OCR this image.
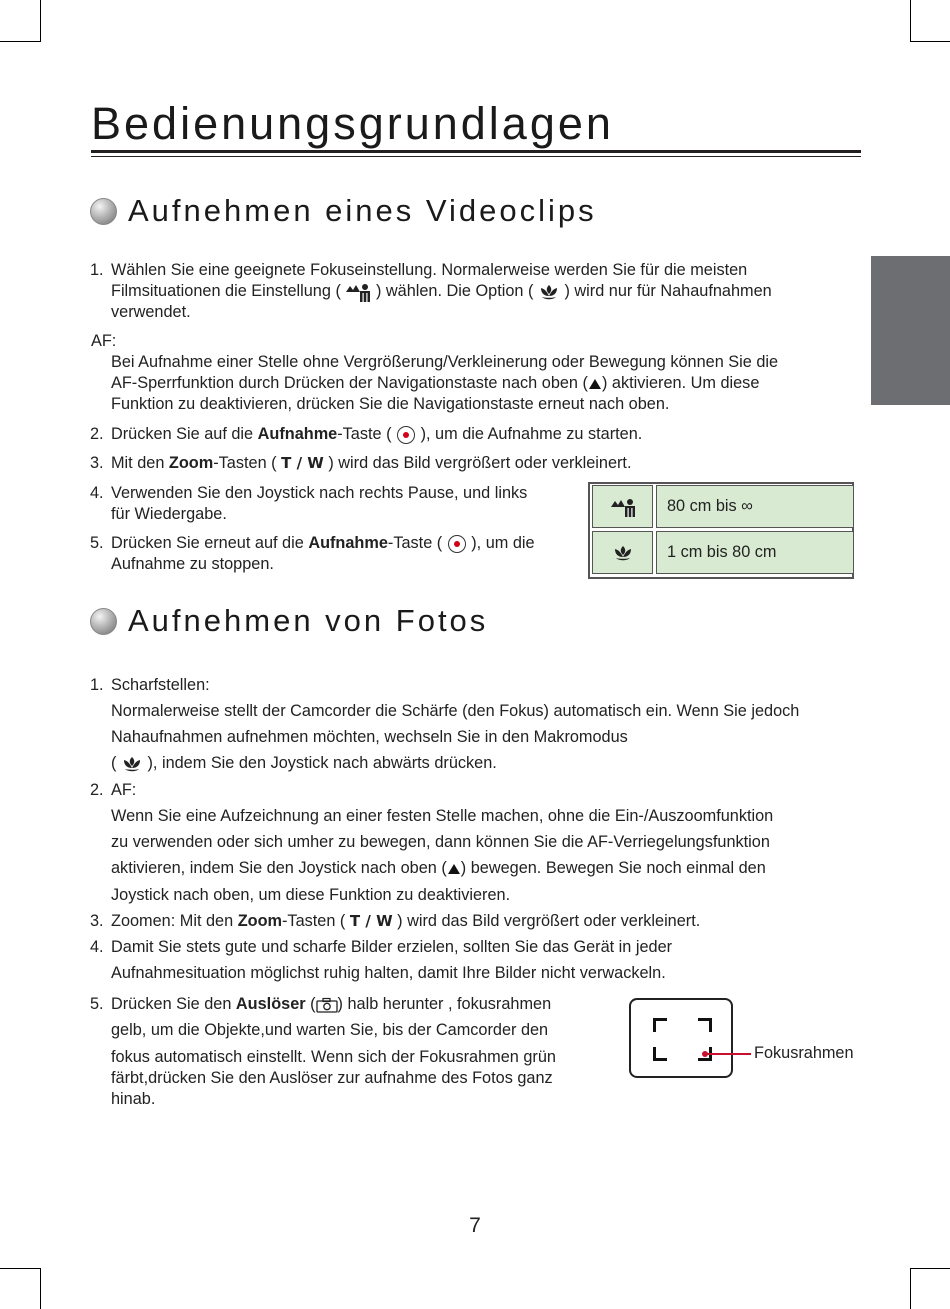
Bedienungsgrundlagen
Aufnehmen eines Videoclips
1. Wählen Sie eine geeignete Fokuseinstellung. Normalerweise werden Sie für die meisten
Filmsituationen die Einstellung ( ) wählen. Die Option ( ) wird nur für Nahaufnahmen
verwendet.
AF:
Bei Aufnahme einer Stelle ohne Vergrößerung/Verkleinerung oder Bewegung können Sie die
AF-Sperrfunktion durch Drücken der Navigationstaste nach oben ( ) aktivieren. Um diese
Funktion zu deaktivieren, drücken Sie die Navigationstaste erneut nach oben.
2. Drücken Sie auf die Aufnahme-Taste ( ), um die Aufnahme zu starten.
3. Mit den Zoom-Tasten ( T / W ) wird das Bild vergrößert oder verkleinert.
4. Verwenden Sie den Joystick nach rechts Pause, und links
für Wiedergabe.
5. Drücken Sie erneut auf die Aufnahme-Taste ( ), um die
Aufnahme zu stoppen.
80 cm bis ∞
1 cm bis 80 cm
Aufnehmen von Fotos
1. Scharfstellen:
Normalerweise stellt der Camcorder die Schärfe (den Fokus) automatisch ein. Wenn Sie jedoch
Nahaufnahmen aufnehmen möchten, wechseln Sie in den Makromodus
( ), indem Sie den Joystick nach abwärts drücken.
2. AF:
Wenn Sie eine Aufzeichnung an einer festen Stelle machen, ohne die Ein-/Auszoomfunktion
zu verwenden oder sich umher zu bewegen, dann können Sie die AF-Verriegelungsfunktion
aktivieren, indem Sie den Joystick nach oben ( ) bewegen. Bewegen Sie noch einmal den
Joystick nach oben, um diese Funktion zu deaktivieren.
3. Zoomen: Mit den Zoom-Tasten ( T / W ) wird das Bild vergrößert oder verkleinert.
4. Damit Sie stets gute und scharfe Bilder erzielen, sollten Sie das Gerät in jeder
Aufnahmesituation möglichst ruhig halten, damit Ihre Bilder nicht verwackeln.
5. Drücken Sie den Auslöser ( ) halb herunter , fokusrahmen
gelb, um die Objekte,und warten Sie, bis der Camcorder den
fokus automatisch einstellt. Wenn sich der Fokusrahmen grün
färbt,drücken Sie den Auslöser zur aufnahme des Fotos ganz
hinab.
Fokusrahmen
7
